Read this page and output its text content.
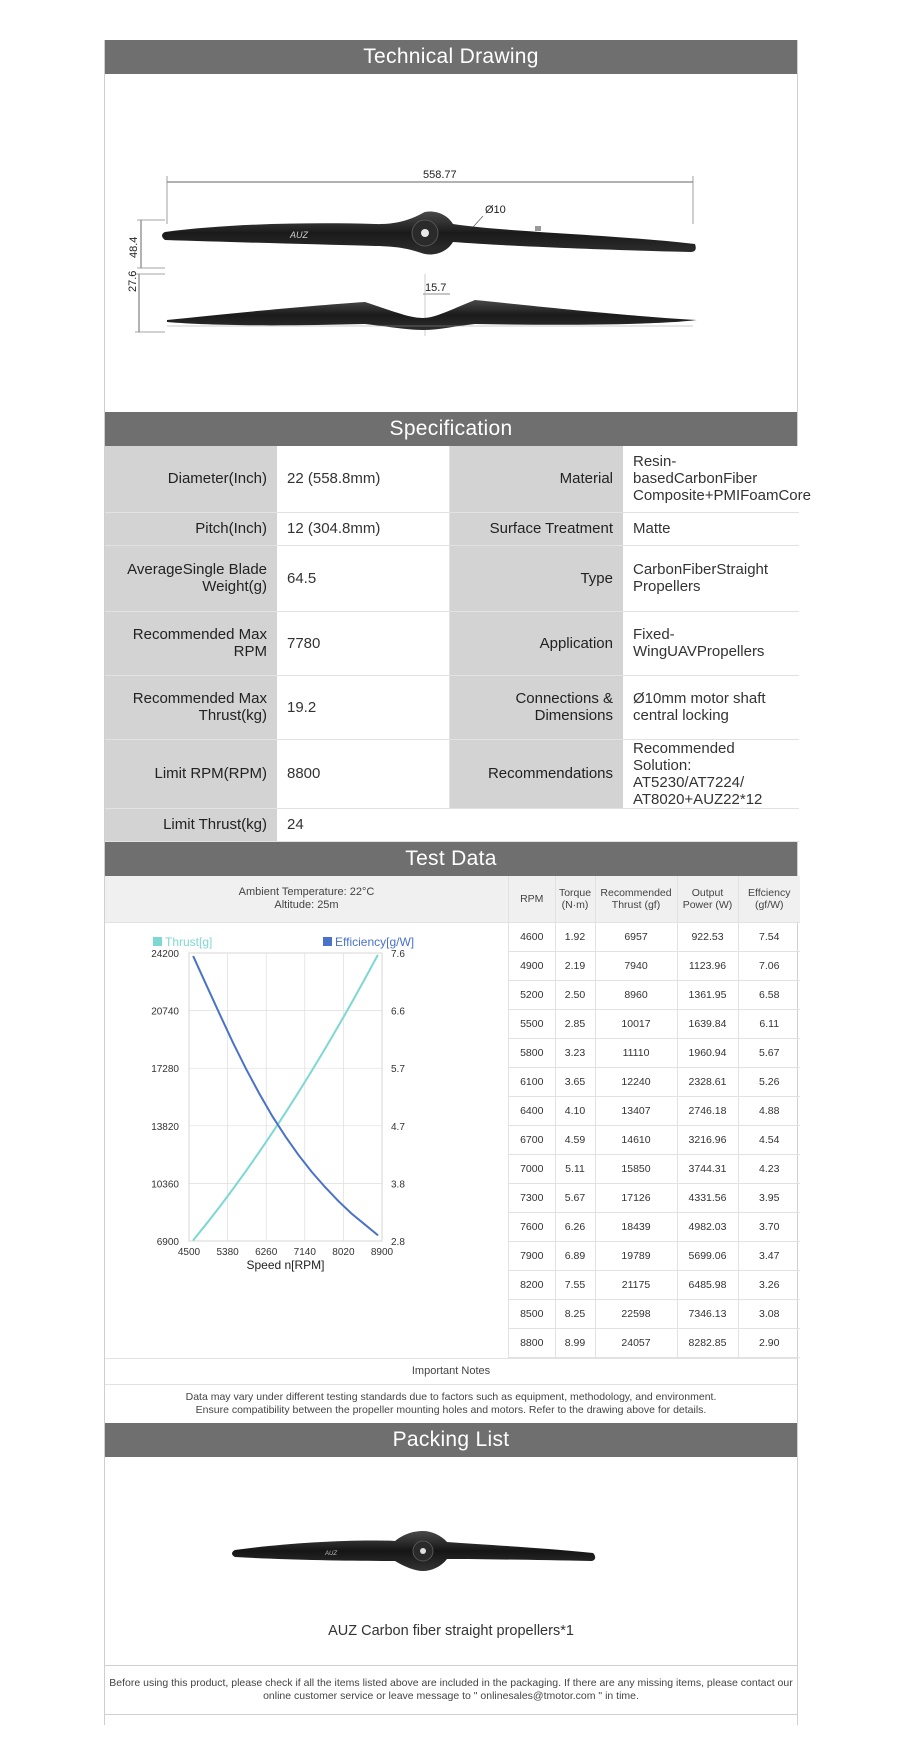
Technical Drawing
558.77
Ø10
48.4
AUZ
27.6	15.7
Specification
Diameter(Inch)	22 (558.8mm)	Material	Resin-basedCarbonFiber Composite+PMIFoamCore
Pitch(Inch)	12 (304.8mm)	Surface Treatment	Matte
AverageSingle Blade Weight(g)	64.5	Type	CarbonFiberStraight Propellers
Recommended Max RPM	7780	Application	Fixed-WingUAVPropellers
Recommended Max Thrust(kg)	19.2	Connections & Dimensions	Ø10mm motor shaft central locking
Limit RPM(RPM)	8800	Recommendations	Recommended Solution: AT5230/AT7224/ AT8020+AUZ22*12
Limit Thrust(kg)	24		
Test Data
Ambient Temperature: 22°C
Altitude: 25m
4500 5380 6260 7140 8020 8900
24200	7.6
20740	6.6
17280	5.7
13820	4.7
10360	3.8
6900	2.8
Speed n[RPM]
Thrust[g]	Efficiency[g/W]
RPM	Torque (N·m)	Recommended Thrust (gf)	Output Power (W)	Effciency (gf/W)
4600	1.92	6957	922.53	7.54
4900	2.19	7940	1123.96	7.06
5200	2.50	8960	1361.95	6.58
5500	2.85	10017	1639.84	6.11
5800	3.23	11110	1960.94	5.67
6100	3.65	12240	2328.61	5.26
6400	4.10	13407	2746.18	4.88
6700	4.59	14610	3216.96	4.54
7000	5.11	15850	3744.31	4.23
7300	5.67	17126	4331.56	3.95
7600	6.26	18439	4982.03	3.70
7900	6.89	19789	5699.06	3.47
8200	7.55	21175	6485.98	3.26
8500	8.25	22598	7346.13	3.08
8800	8.99	24057	8282.85	2.90
Important Notes
Data may vary under different testing standards due to factors such as equipment, methodology, and environment.
Ensure compatibility between the propeller mounting holes and motors. Refer to the drawing above for details.
Packing List
AUZ
AUZ Carbon fiber straight propellers*1
Before using this product, please check if all the items listed above are included in the packaging. If there are any missing items, please contact our
online customer service or leave message to " onlinesales@tmotor.com " in time.
